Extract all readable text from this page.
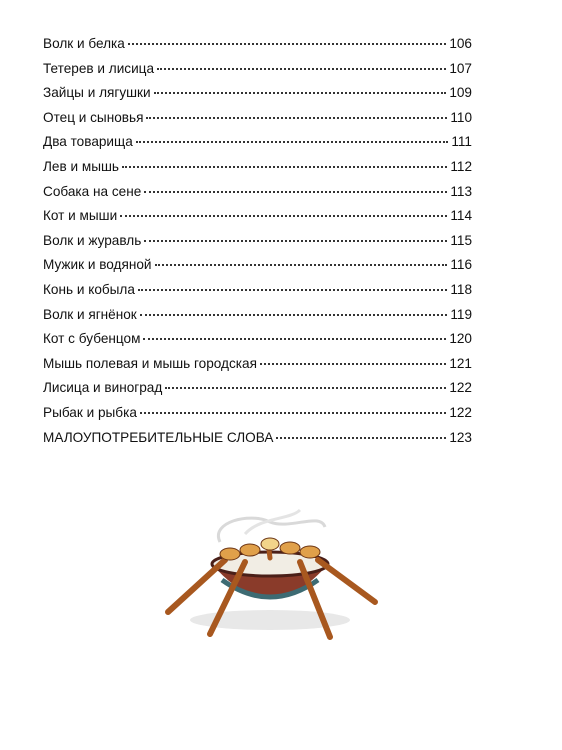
Волк и белка	106
Тетерев и лисица	107
Зайцы и лягушки	109
Отец и сыновья	110
Два товарища	111
Лев и мышь	112
Собака на сене	113
Кот и мыши	114
Волк и журавль	115
Мужик и водяной	116
Конь и кобыла	118
Волк и ягнёнок	119
Кот с бубенцом	120
Мышь полевая и мышь городская	121
Лисица и виноград	122
Рыбак и рыбка	122
МАЛОУПОТРЕБИТЕЛЬНЫЕ СЛОВА	123
